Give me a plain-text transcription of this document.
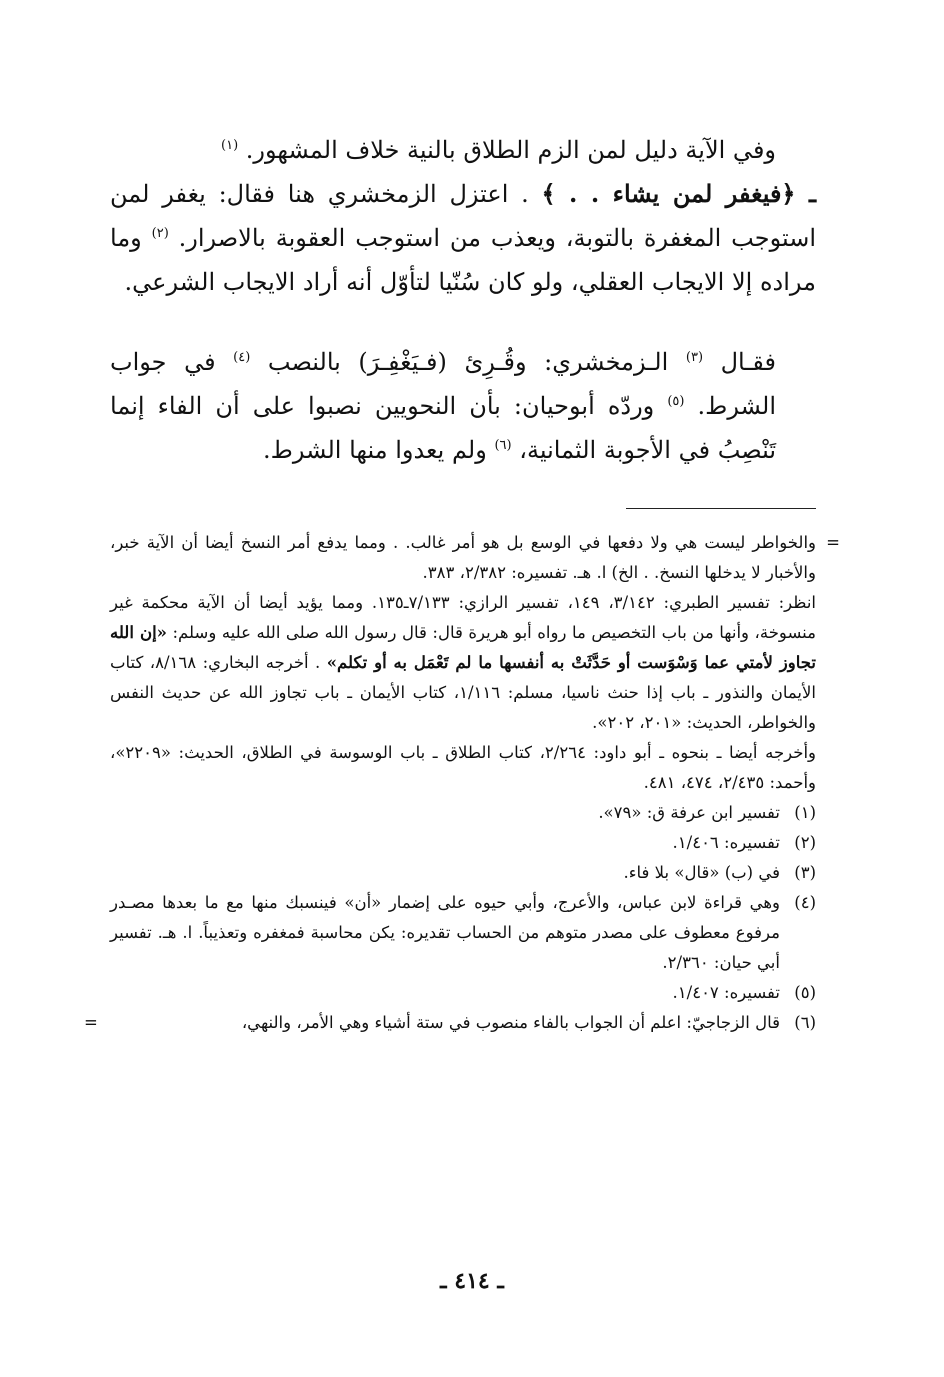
وفي الآية دليل لمن الزم الطلاق بالنية خلاف المشهور. $^{(١)}$

ـ ﴿فيغفر لمن يشاء . . ﴾ . اعتزل الزمخشري هنا فقال: يغفر لمن استوجب المغفرة بالتوبة، ويعذب من استوجب العقوبة بالاصرار. $^{(٢)}$ وما مراده إلا الايجاب العقلي، ولو كان سُنّيا لتأوّل أنه أراد الايجاب الشرعي.

فقـال $^{(٣)}$ الـزمخشري: وقُـرِئ (فـيَغْفِـرَ) بالنصب $^{(٤)}$ في جواب الشرط. $^{(٥)}$ وردّه أبوحيان: بأن النحويين نصبوا على أن الفاء إنما تَنْصِبُ في الأجوبة الثمانية، $^{(٦)}$ ولم يعدوا منها الشرط.

=

والخواطر ليست هي ولا دفعها في الوسع بل هو أمر غالب. . ومما يدفع أمر النسخ أيضا أن الآية خبر، والأخبار لا يدخلها النسخ. . الخ) ا. هـ. تفسيره: ٢/٣٨٢، ٣٨٣.

انظر: تفسير الطبري: ٣/١٤٢، ١٤٩، تفسير الرازي: ٧/١٣٣ـ١٣٥. ومما يؤيد أيضا أن الآية محكمة غير منسوخة، وأنها من باب التخصيص ما رواه أبو هريرة قال: قال رسول الله صلى الله عليه وسلم: «إن الله تجاوز لأمتي عما وَسْوَست أو حَدَّثَتْ به أنفسها ما لم تَعْمَل به أو تكلم» . أخرجه البخاري: ٨/١٦٨، كتاب الأيمان والنذور ـ باب إذا حنث ناسيا، مسلم: ١/١١٦، كتاب الأيمان ـ باب تجاوز الله عن حديث النفس والخواطر، الحديث: «٢٠١، ٢٠٢».

وأخرجه أيضا ـ بنحوه ـ أبو داود: ٢/٢٦٤، كتاب الطلاق ـ باب الوسوسة في الطلاق، الحديث: «٢٢٠٩»، وأحمد: ٢/٤٣٥، ٤٧٤، ٤٨١.

(١)
تفسير ابن عرفة ق: «٧٩».
(٢)
تفسيره: ١/٤٠٦.
(٣)
في (ب) «قال» بلا فاء.
(٤)
وهي قراءة لابن عباس، والأعرج، وأبي حيوه على إضمار «أن» فينسبك منها مع ما بعدها مصـدر مرفوع معطوف على مصدر متوهم من الحساب تقديره: يكن محاسبة فمغفره وتعذيباً. ا. هـ. تفسير أبي حيان: ٢/٣٦٠.
(٥)
تفسيره: ١/٤٠٧.
(٦)
قال الزجاجيّ: اعلم أن الجواب بالفاء منصوب في ستة أشياء وهي الأمر، والنهي،
=
ـ ٤١٤ ـ
